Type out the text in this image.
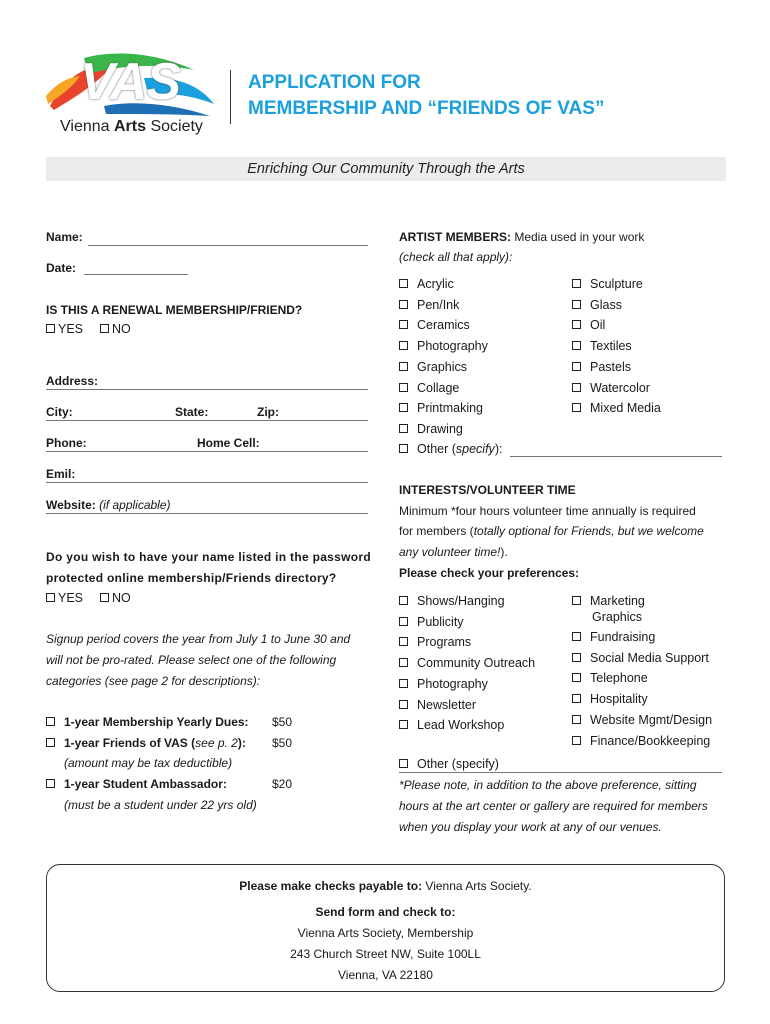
VAS
Vienna Arts Society
APPLICATION FOR
MEMBERSHIP AND “FRIENDS OF VAS”
Enriching Our Community Through the Arts
Name:
Date:
IS THIS A RENEWAL MEMBERSHIP/FRIEND?
YES NO
Address:
City:	State:	Zip:
Phone:	Home Cell:
Emil:
Website: (if applicable)
Do you wish to have your name listed in the password
protected online membership/Friends directory?
YES NO
Signup period covers the year from July 1 to June 30 and
will not be pro-rated. Please select one of the following
categories (see page 2 for descriptions):
1-year Membership Yearly Dues: $50
1-year Friends of VAS (see p. 2): $50
(amount may be tax deductible)
1-year Student Ambassador:	$20
(must be a student under 22 yrs old)
ARTIST MEMBERS: Media used in your work
(check all that apply):
Acrylic
Pen/Ink
Ceramics
Photography
Graphics
Collage
Printmaking
Drawing
Sculpture
Glass
Oil
Textiles
Pastels
Watercolor
Mixed Media
Other (specify):
INTERESTS/VOLUNTEER TIME
Minimum *four hours volunteer time annually is required
for members (totally optional for Friends, but we welcome
any volunteer time!).
Please check your preferences:
Shows/Hanging
Publicity
Programs
Community Outreach
Photography
Newsletter
Lead Workshop
Marketing
Graphics
Fundraising
Social Media Support
Telephone
Hospitality
Website Mgmt/Design
Finance/Bookkeeping
Other (specify)
*Please note, in addition to the above preference, sitting
hours at the art center or gallery are required for members
when you display your work at any of our venues.
Please make checks payable to: Vienna Arts Society.
Send form and check to:
Vienna Arts Society, Membership
243 Church Street NW, Suite 100LL
Vienna, VA 22180
